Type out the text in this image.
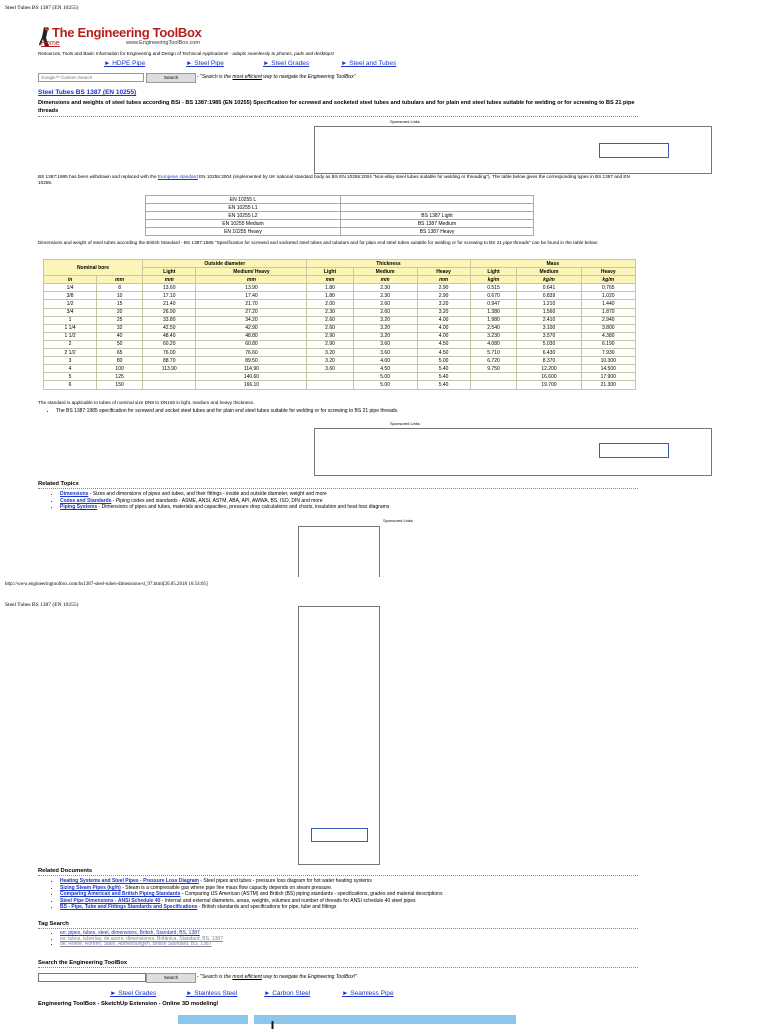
Steel Tubes BS 1387 (EN 10255)
The Engineering ToolBox
Home	www.EngineeringToolBox.com
Resources, Tools and Basic Information for Engineering and Design of Technical Applications! - adapts seamlessly to phones, pads and desktops!
► HDPE Pipe	► Steel Pipe	► Steel Grades	► Steel and Tubes
Google™ Custom Search
Search	- "Search is the most efficient way to navigate the Engineering ToolBox"
Steel Tubes BS 1387 (EN 10255)
Dimensions and weights of steel tubes according BSi - BS 1387:1985 (EN 10255) Specification for screwed and socketed steel tubes and tubulars and for plain end steel tubes suitable for welding or for screwing to BS 21 pipe threads
Sponsored Links
BS 1387:1985 has been withdrawn and replaced with the European standard EN 10255:2004 (implemented by UK national standard body as BS EN 10255:2004 "Non-alloy steel tubes suitable for welding or threading"). The table below gives the corresponding types in BS 1387 and EN 10255.
EN 10255 L	
EN 10255 L1	
EN 10255 L2	BS 1387 Light
EN 10255 Medium	BS 1387 Medium
EN 10255 Heavy	BS 1387 Heavy
Dimensions and weight of steel tubes according the British Standard - BS 1387:1985 "Specification for screwed and socketed steel tubes and tubulars and for plain end steel tubes suitable for welding or for screwing to BS 21 pipe threads" can be found in the table below:
Nominal bore		Outside diameter		Thickness			Mass		
		Light	Medium/ Heavy	Light	Medium	Heavy	Light	Medium	Heavy
in	mm	mm	mm	mm	mm	mm	kg/m	kg/m	kg/m
1/4	8	13.60	13.90	1.80	2.30	2.90	0.515	0.641	0.765
3/8	10	17.10	17.40	1.80	2.30	2.90	0.670	0.839	1.020
1/2	15	21.40	21.70	2.00	2.60	3.20	0.947	1.210	1.440
3/4	20	26.90	27.20	2.30	2.60	3.20	1.380	1.560	1.870
1	25	33.80	34.20	2.60	3.20	4.00	1.980	2.410	2.940
1 1/4	32	42.50	42.90	2.60	3.20	4.00	2.540	3.100	3.800
1 1/2	40	48.40	48.80	2.90	3.20	4.00	3.230	3.570	4.380
2	50	60.20	60.80	2.90	3.60	4.50	4.080	5.030	6.190
2 1/2	65	76.00	76.60	3.20	3.60	4.50	5.710	6.430	7.930
3	80	88.70	89.50	3.20	4.00	5.00	6.720	8.370	10.300
4	100	113.90	114.90	3.60	4.50	5.40	9.750	12.200	14.500
5	125		140.60		5.00	5.40		16.600	17.900
6	150		166.10		5.00	5.40		19.700	21.300
The standard is applicable to tubes of nominal size DN8 to DN150 in light, medium and heavy thickness.
• The BS 1387:1985 specification for screwed and socket steel tubes and for plain end steel tubes suitable for welding or for screwing to BS 21 pipe threads.
Sponsored Links
Related Topics
• Dimensions - Sizes and dimensions of pipes and tubes, and their fittings - inside and outside diameter, weight and more
• Codes and Standards - Piping codes and standards - ASME, ANSI, ASTM, ABA, API, AWWA, BS, ISO, DIN and more
• Piping Systems - Dimensions of pipes and tubes, materials and capacities, pressure drop calculations and charts, insulation and heat loss diagrams
Sponsored Links
http://www.engineeringtoolbox.com/bs1387-steel-tubes-dimensions-d_97.html[26.05.2018 16:54:05]
Steel Tubes BS 1387 (EN 10255)
Related Documents
• Heating Systems and Steel Pipes - Pressure Loss Diagram - Steel pipes and tubes - pressure loss diagram for hot water heating systems
• Sizing Steam Pipes (kg/h) - Steam is a compressible gas where pipe line mass flow capacity depends on steam pressure.
• Comparing American and British Piping Standards - Comparing US American (ASTM) and British (BS) piping standards - specifications, grades and material descriptions
• Steel Pipe Dimensions - ANSI Schedule 40 - Internal and external diameters, areas, weights, volumes and number of threads for ANSI schedule 40 steel pipes
• BS - Pipe, Tube and Fittings Standards and Specifications - British standards and specifications for pipe, tube and fittings
Tag Search
• en: pipes, tubes, steel, dimensions, British, Standard, BS, 1387
• es: tubos, tuberías, de acero, dimensiones, Británica, Standard, BS, 1387
• de: Rohre, Röhren, Stahl, Abmessungen, British Standard, BS, 1387
Search the Engineering ToolBox
Search	- "Search is the most efficient way to navigate the Engineering ToolBox!"
► Steel Grades	► Stainless Steel	► Carbon Steel	► Seamless Pipe
Engineering ToolBox - SketchUp Extension - Online 3D modeling!
